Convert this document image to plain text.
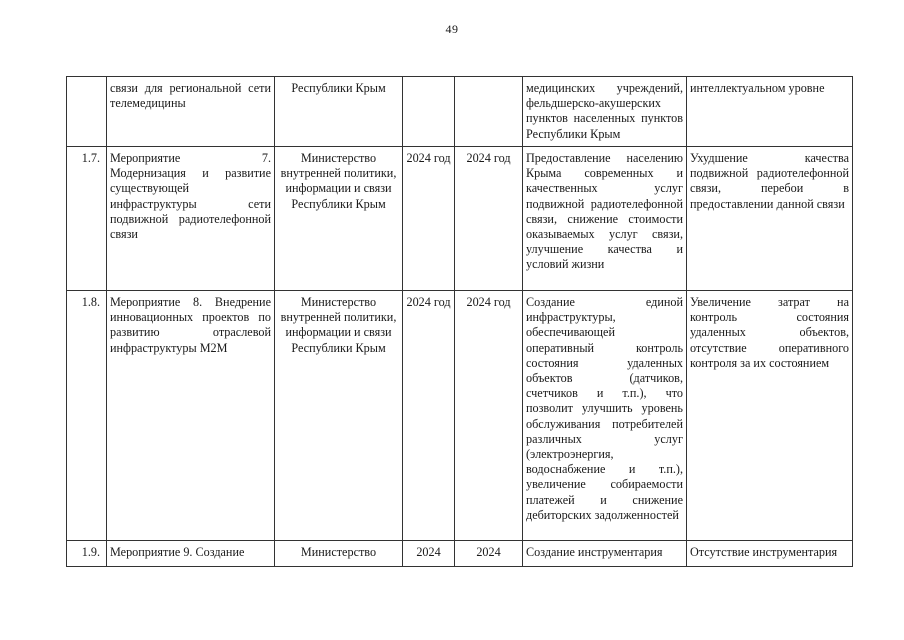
49
	связи для региональной сети телемедицины	Республики Крым			медицинских учреждений, фельдшерско-акушерских пунктов населенных пунктов Республики Крым	интеллектуальном уровне
1.7.	Мероприятие 7. Модернизация и развитие существующей инфраструктуры сети подвижной радиотелефонной связи	Министерство внутренней политики, информации и связи Республики Крым	2024 год	2024 год	Предоставление населению Крыма современных и качественных услуг подвижной радиотелефонной связи, снижение стоимости оказываемых услуг связи, улучшение качества и условий жизни	Ухудшение качества подвижной радиотелефонной связи, перебои в предоставлении данной связи
1.8.	Мероприятие 8. Внедрение инновационных проектов по развитию отраслевой инфраструктуры М2М	Министерство внутренней политики, информации и связи Республики Крым	2024 год	2024 год	Создание единой инфраструктуры, обеспечивающей оперативный контроль состояния удаленных объектов (датчиков, счетчиков и т.п.), что позволит улучшить уровень обслуживания потребителей различных услуг (электроэнергия, водоснабжение и т.п.), увеличение собираемости платежей и снижение дебиторских задолженностей	Увеличение затрат на контроль состояния удаленных объектов, отсутствие оперативного контроля за их состоянием
1.9.	Мероприятие 9. Создание	Министерство	2024	2024	Создание инструментария	Отсутствие инструментария
